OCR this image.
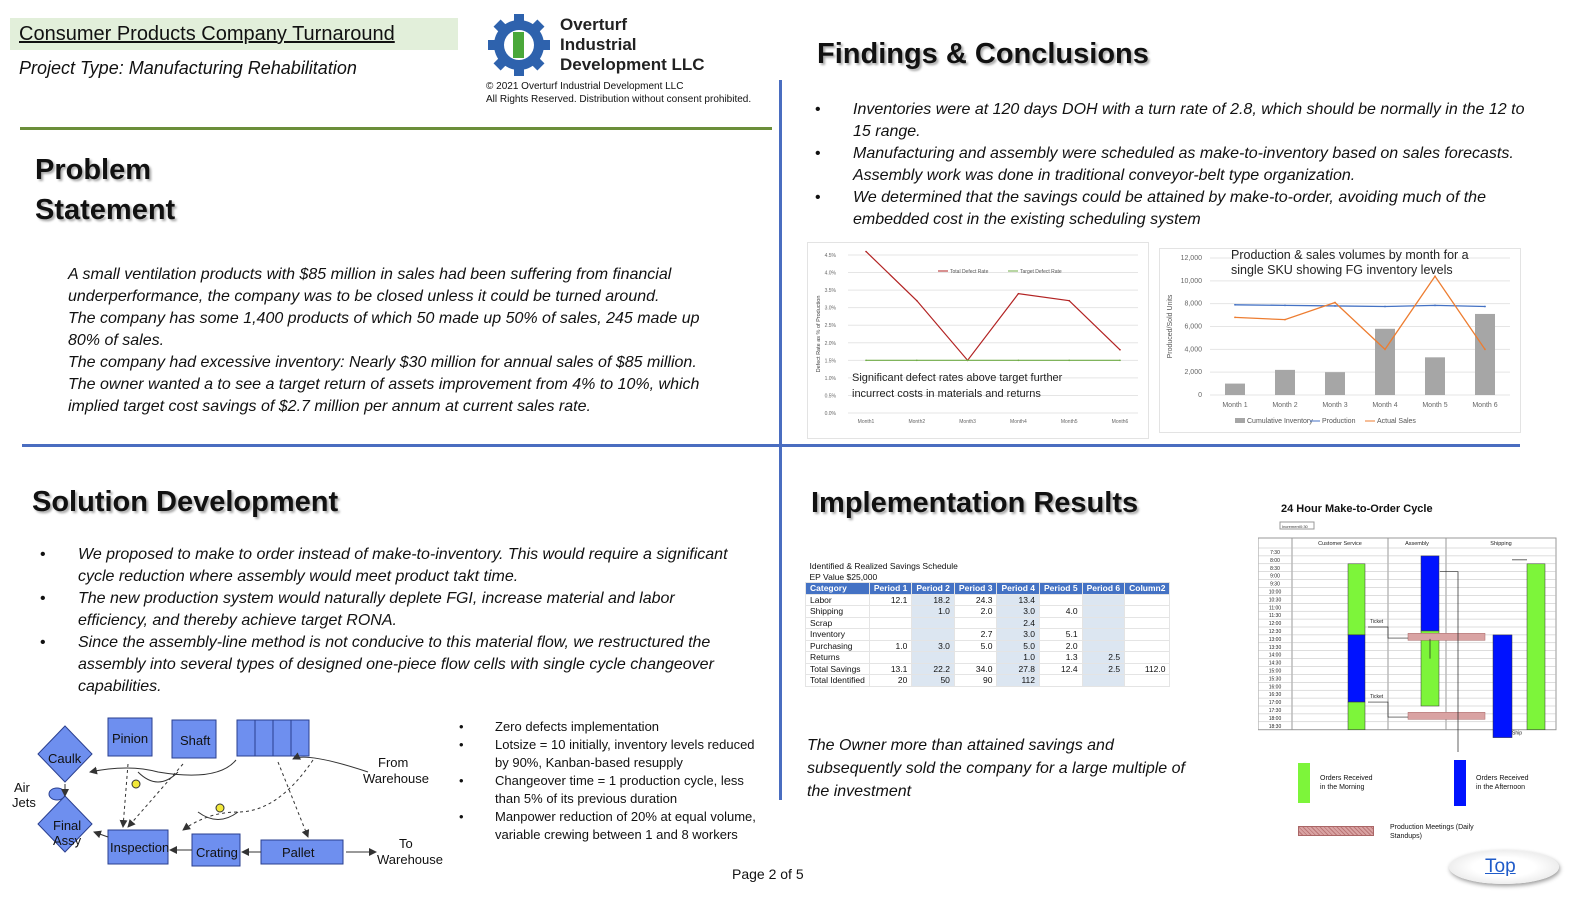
Consumer Products Company Turnaround
Project Type: Manufacturing Rehabilitation
Overturf
Industrial
Development LLC
© 2021 Overturf Industrial Development LLC
All Rights Reserved. Distribution without consent prohibited.
Problem
Statement
A small ventilation products with $85 million in sales had been suffering from financial
underperformance, the company was to be closed unless it could be turned around.
The company has some 1,400 products of which 50 made up 50% of sales, 245 made up
80% of sales.
The company had excessive inventory: Nearly $30 million for annual sales of $85 million.
The owner wanted a to see a target return of assets improvement from 4% to 10%, which
implied target cost savings of $2.7 million per annum at current sales rate.
Findings & Conclusions
• Inventories were at 120 days DOH with a turn rate of 2.8, which should be normally in the 12 to 15 range.
• Manufacturing and assembly were scheduled as make-to-inventory based on sales forecasts. Assembly work was done in traditional conveyor-belt type organization.
• We determined that the savings could be attained by make-to-order, avoiding much of the embedded cost in the existing scheduling system
0.0%
0.5%
1.0%
1.5%
2.0%
2.5%
3.0%
3.5%
4.0%
4.5%
Month1	Month2	Month3	Month4	Month5	Month6
Defect Rate as % of Production
Total Defect Rate	Target Defect Rate
Significant defect rates above target further
incurrect costs in materials and returns	0
2,000
4,000
6,000
8,000
10,000
12,000
Month 1	Month 2	Month 3	Month 4	Month 5	Month 6
Produced/Sold Units
Cumulative Inventory Production	Actual Sales
Production & sales volumes by month for a
single SKU showing FG inventory levels
Solution Development
• We proposed to make to order instead of make-to-inventory. This would require a significant cycle reduction where assembly would meet product takt time.
• The new production system would naturally deplete FGI, increase material and labor efficiency, and thereby achieve target RONA.
• Since the assembly-line method is not conducive to this material flow, we restructured the assembly into several types of designed one-piece flow cells with single cycle changeover capabilities.
Pinion Shaft
Caulk
Final
Assy
Air
Jets
Inspection Crating	Pallet
From
Warehouse
To
Warehouse
• Zero defects implementation
• Lotsize = 10 initially, inventory levels reduced by 90%, Kanban-based resupply
• Changeover time = 1 production cycle, less than 5% of its previous duration
• Manpower reduction of 20% at equal volume, variable crewing between 1 and 8 workers
Implementation Results
Identified & Realized Savings Schedule							
EP Value $25,000							
Category	Period 1	Period 2	Period 3	Period 4	Period 5	Period 6	Column2
Labor	12.1	18.2	24.3	13.4			
Shipping		1.0	2.0	3.0	4.0		
Scrap				2.4			
Inventory			2.7	3.0	5.1		
Purchasing	1.0	3.0	5.0	5.0	2.0		
Returns				1.0	1.3	2.5	
Total Savings	13.1	22.2	34.0	27.8	12.4	2.5	112.0
Total Identified	20	50	90	112			
The Owner more than attained savings and
subsequently sold the company for a large multiple of
the investment
24 Hour Make-to-Order Cycle
Increment 0:30
Customer Service	Assembly	Shipping
7:30
8:00
8:30
9:00
9:30
10:00
10:30
11:00
11:30
12:00
12:30
13:00
13:30
14:00
14:30
15:00
15:30
16:00
16:30
17:00
17:30
18:00
18:30
Ticket
Ticket
Ship
Orders Received
in the Morning
Orders Received
in the Afternoon
Production Meetings (Daily
Standups)
Page 2 of 5	Top
